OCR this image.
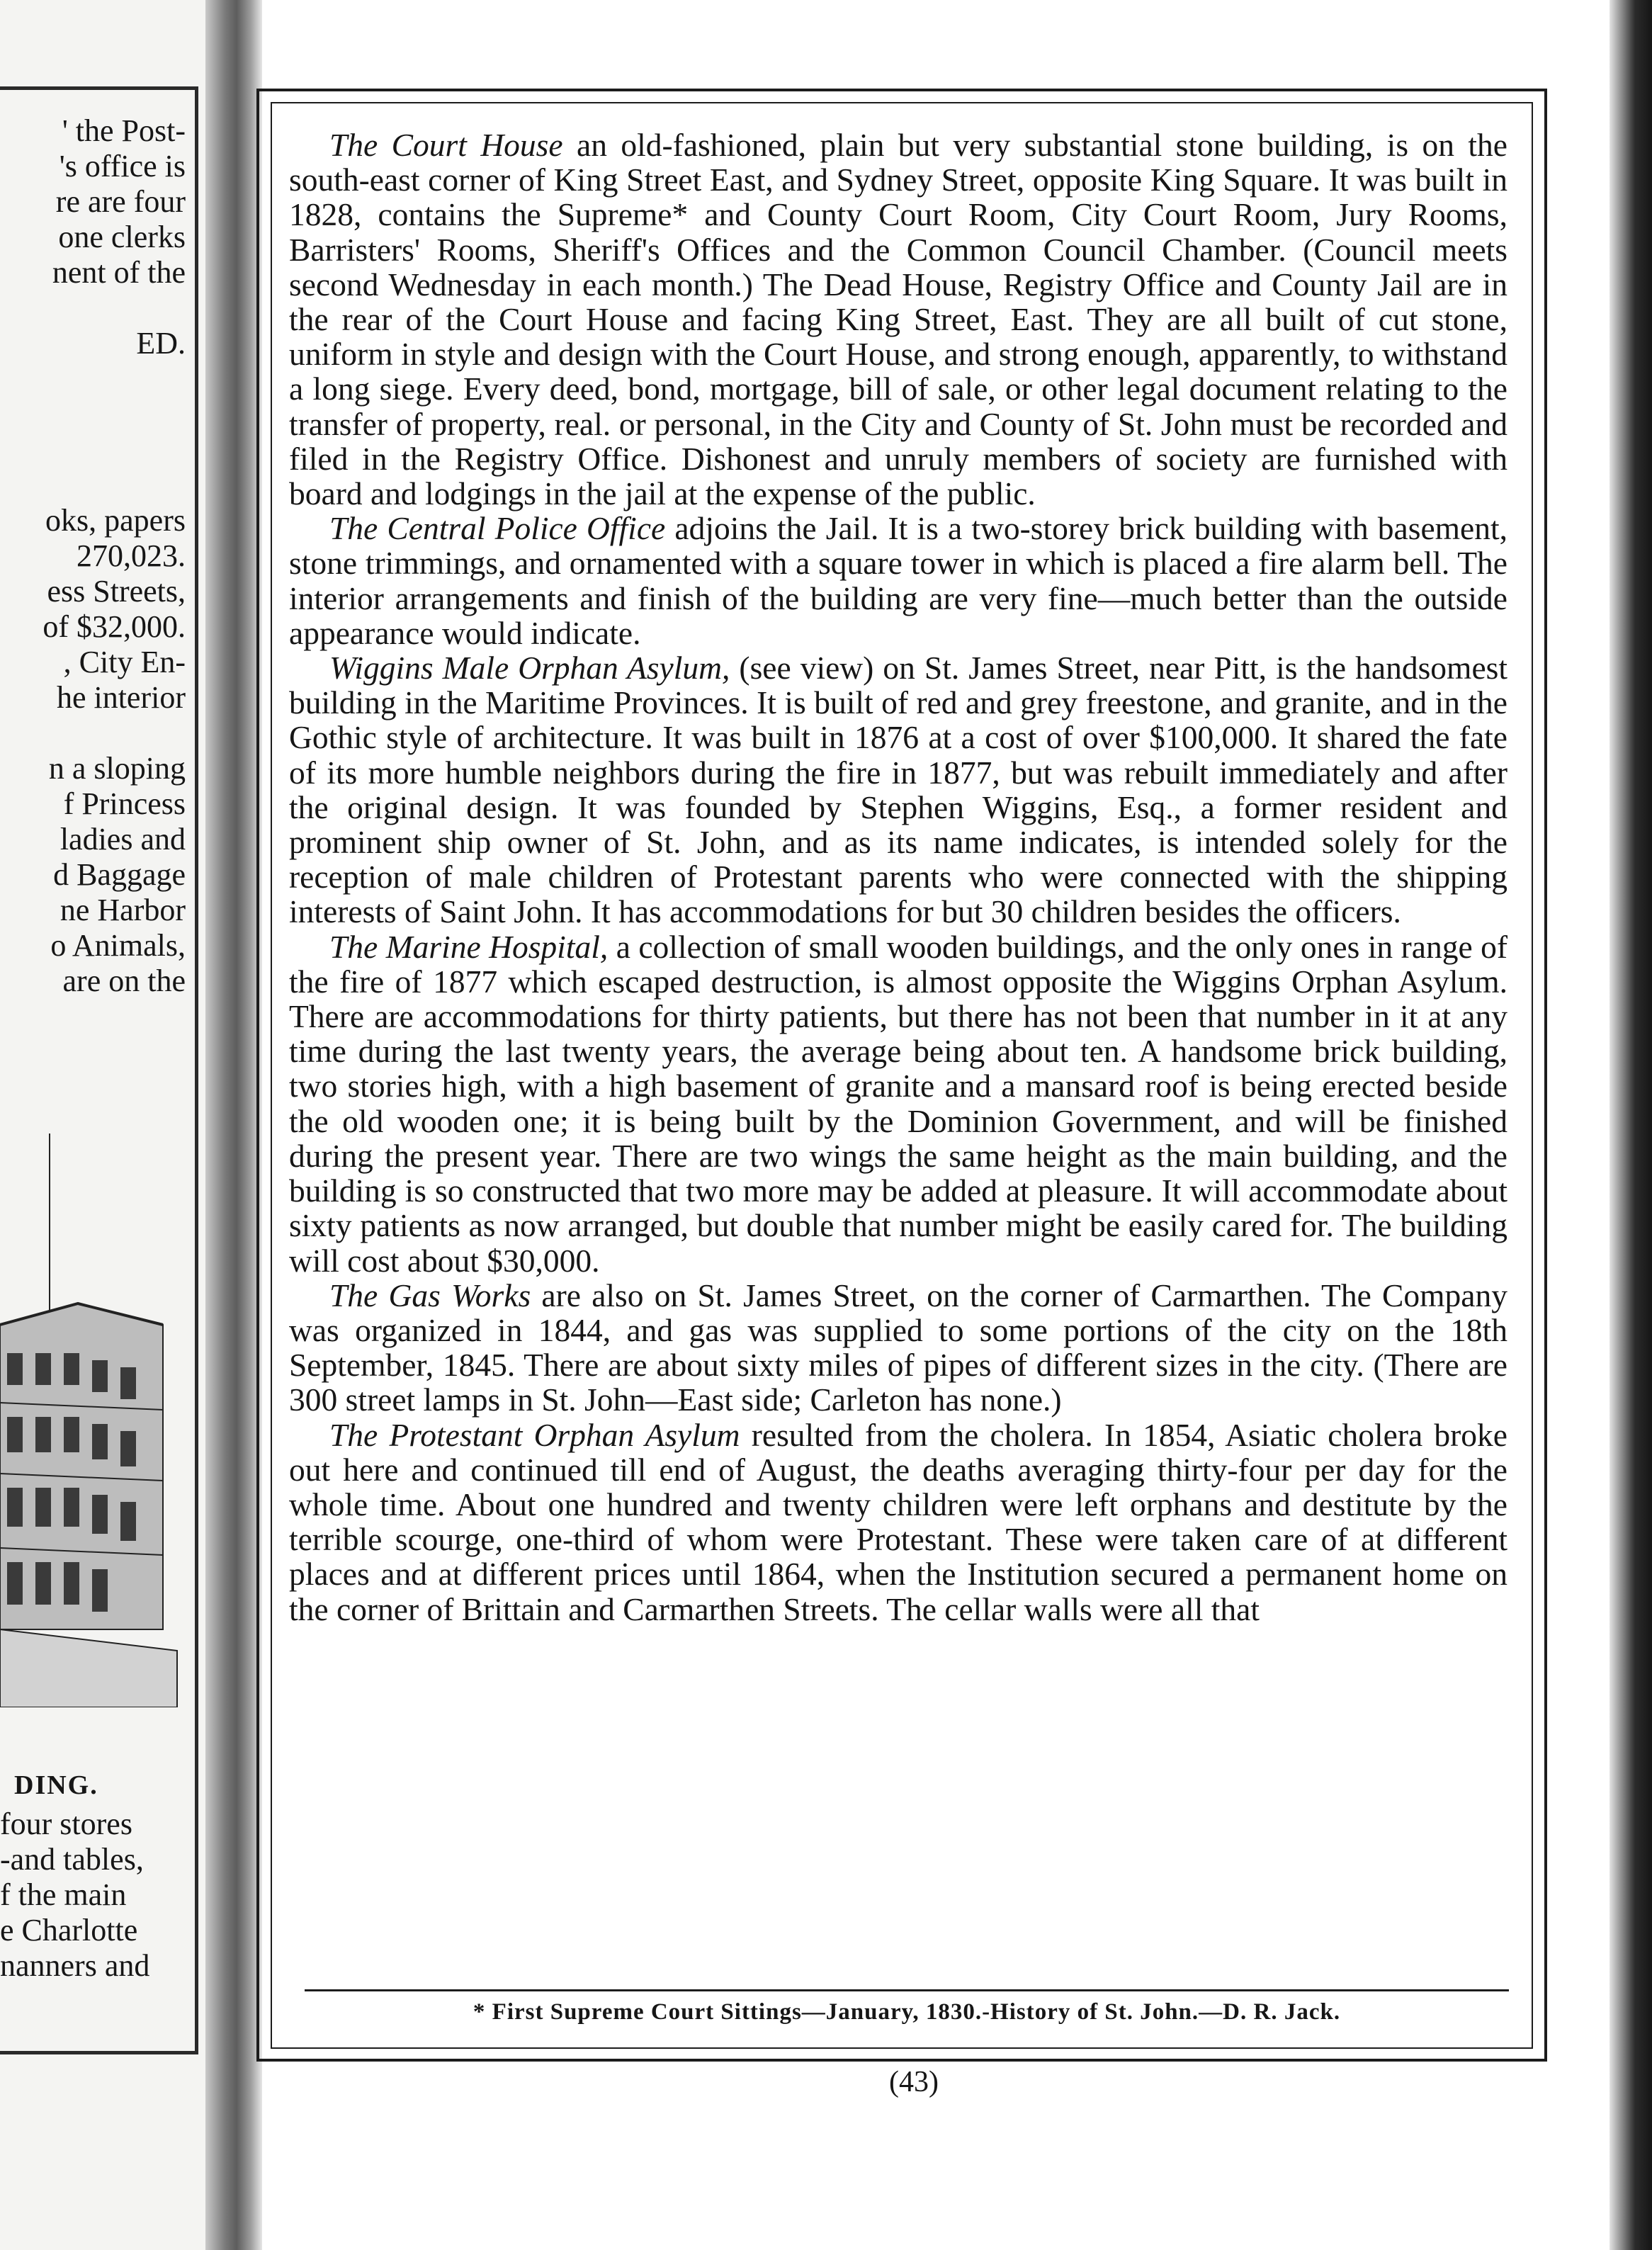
' the Post-
's office is
re are four
one clerks
nent of the
ED.
oks, papers
270,023.
ess Streets,
of $32,000.
, City En-
he interior
n a sloping
f Princess
ladies and
d Baggage
ne Harbor
o Animals,
are on the
DING.
four stores
-and tables,
f the main
e Charlotte
nanners and

The Court House an old-fashioned, plain but very substantial stone building, is on the south-east corner of King Street East, and Sydney Street, opposite King Square. It was built in 1828, contains the Supreme* and County Court Room, City Court Room, Jury Rooms, Barristers' Rooms, Sheriff's Offices and the Common Council Chamber. (Council meets second Wednesday in each month.) The Dead House, Registry Office and County Jail are in the rear of the Court House and facing King Street, East. They are all built of cut stone, uniform in style and design with the Court House, and strong enough, apparently, to withstand a long siege. Every deed, bond, mortgage, bill of sale, or other legal document relating to the transfer of property, real. or personal, in the City and County of St. John must be recorded and filed in the Registry Office. Dishonest and unruly members of society are furnished with board and lodgings in the jail at the expense of the public.

The Central Police Office adjoins the Jail. It is a two-storey brick building with basement, stone trimmings, and ornamented with a square tower in which is placed a fire alarm bell. The interior arrangements and finish of the building are very fine—much better than the outside appearance would indicate.

Wiggins Male Orphan Asylum, (see view) on St. James Street, near Pitt, is the handsomest building in the Maritime Provinces. It is built of red and grey freestone, and granite, and in the Gothic style of architecture. It was built in 1876 at a cost of over $100,000. It shared the fate of its more humble neighbors during the fire in 1877, but was rebuilt immediately and after the original design. It was founded by Stephen Wiggins, Esq., a former resident and prominent ship owner of St. John, and as its name indicates, is intended solely for the reception of male children of Protestant parents who were connected with the shipping interests of Saint John. It has accommodations for but 30 children besides the officers.

The Marine Hospital, a collection of small wooden buildings, and the only ones in range of the fire of 1877 which escaped destruction, is almost opposite the Wiggins Orphan Asylum. There are accommodations for thirty patients, but there has not been that number in it at any time during the last twenty years, the average being about ten. A handsome brick building, two stories high, with a high basement of granite and a mansard roof is being erected beside the old wooden one; it is being built by the Dominion Government, and will be finished during the present year. There are two wings the same height as the main building, and the building is so constructed that two more may be added at pleasure. It will accommodate about sixty patients as now arranged, but double that number might be easily cared for. The building will cost about $30,000.

The Gas Works are also on St. James Street, on the corner of Carmarthen. The Company was organized in 1844, and gas was supplied to some portions of the city on the 18th September, 1845. There are about sixty miles of pipes of different sizes in the city. (There are 300 street lamps in St. John—East side; Carleton has none.)

The Protestant Orphan Asylum resulted from the cholera. In 1854, Asiatic cholera broke out here and continued till end of August, the deaths averaging thirty-four per day for the whole time. About one hundred and twenty children were left orphans and destitute by the terrible scourge, one-third of whom were Protestant. These were taken care of at different places and at different prices until 1864, when the Institution secured a permanent home on the corner of Brittain and Carmarthen Streets. The cellar walls were all that

* First Supreme Court Sittings—January, 1830.-History of St. John.—D. R. Jack.
(43)
